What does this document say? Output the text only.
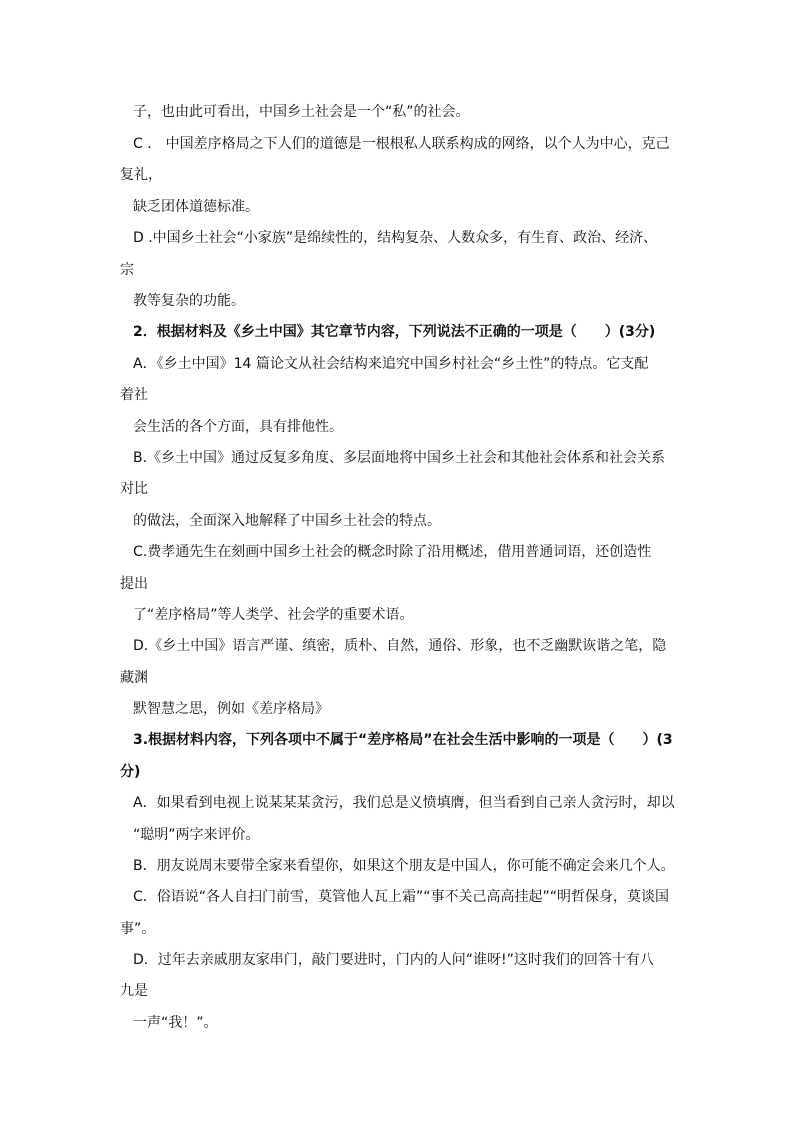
子，也由此可看出，中国乡土社会是一个“私”的社会。
C ． 中国差序格局之下人们的道德是一根根私人联系构成的网络，以个人为中心，克己
复礼，
缺乏团体道德标准。
D .中国乡土社会“小家族”是绵续性的，结构复杂、人数众多，有生育、政治、经济、
宗
教等复杂的功能。
2．根据材料及《乡土中国》其它章节内容，下列说法不正确的一项是（　　）(3分)
A．《乡土中国》14 篇论文从社会结构来追究中国乡村社会“乡土性”的特点。它支配
着社
会生活的各个方面，具有排他性。
B.《乡土中国》通过反复多角度、多层面地将中国乡土社会和其他社会体系和社会关系
对比
的做法，全面深入地解释了中国乡土社会的特点。
C.费孝通先生在刻画中国乡土社会的概念时除了沿用概述，借用普通词语，还创造性
提出
了“差序格局”等人类学、社会学的重要术语。
D.《乡土中国》语言严谨、缜密，质朴、自然，通俗、形象，也不乏幽默诙谐之笔，隐
藏渊
默智慧之思，例如《差序格局》
3.根据材料内容，下列各项中不属于“差序格局”在社会生活中影响的一项是（　　）(3
分)
A．如果看到电视上说某某某贪污，我们总是义愤填膺，但当看到自己亲人贪污时，却以
“聪明”两字来评价。
B．朋友说周末要带全家来看望你，如果这个朋友是中国人，你可能不确定会来几个人。
C．俗语说“各人自扫门前雪，莫管他人瓦上霜”“事不关己高高挂起”“明哲保身，莫谈国
事”。
D．过年去亲戚朋友家串门，敲门要进时，门内的人问“谁呀!”这时我们的回答十有八
九是
一声“我！”。
